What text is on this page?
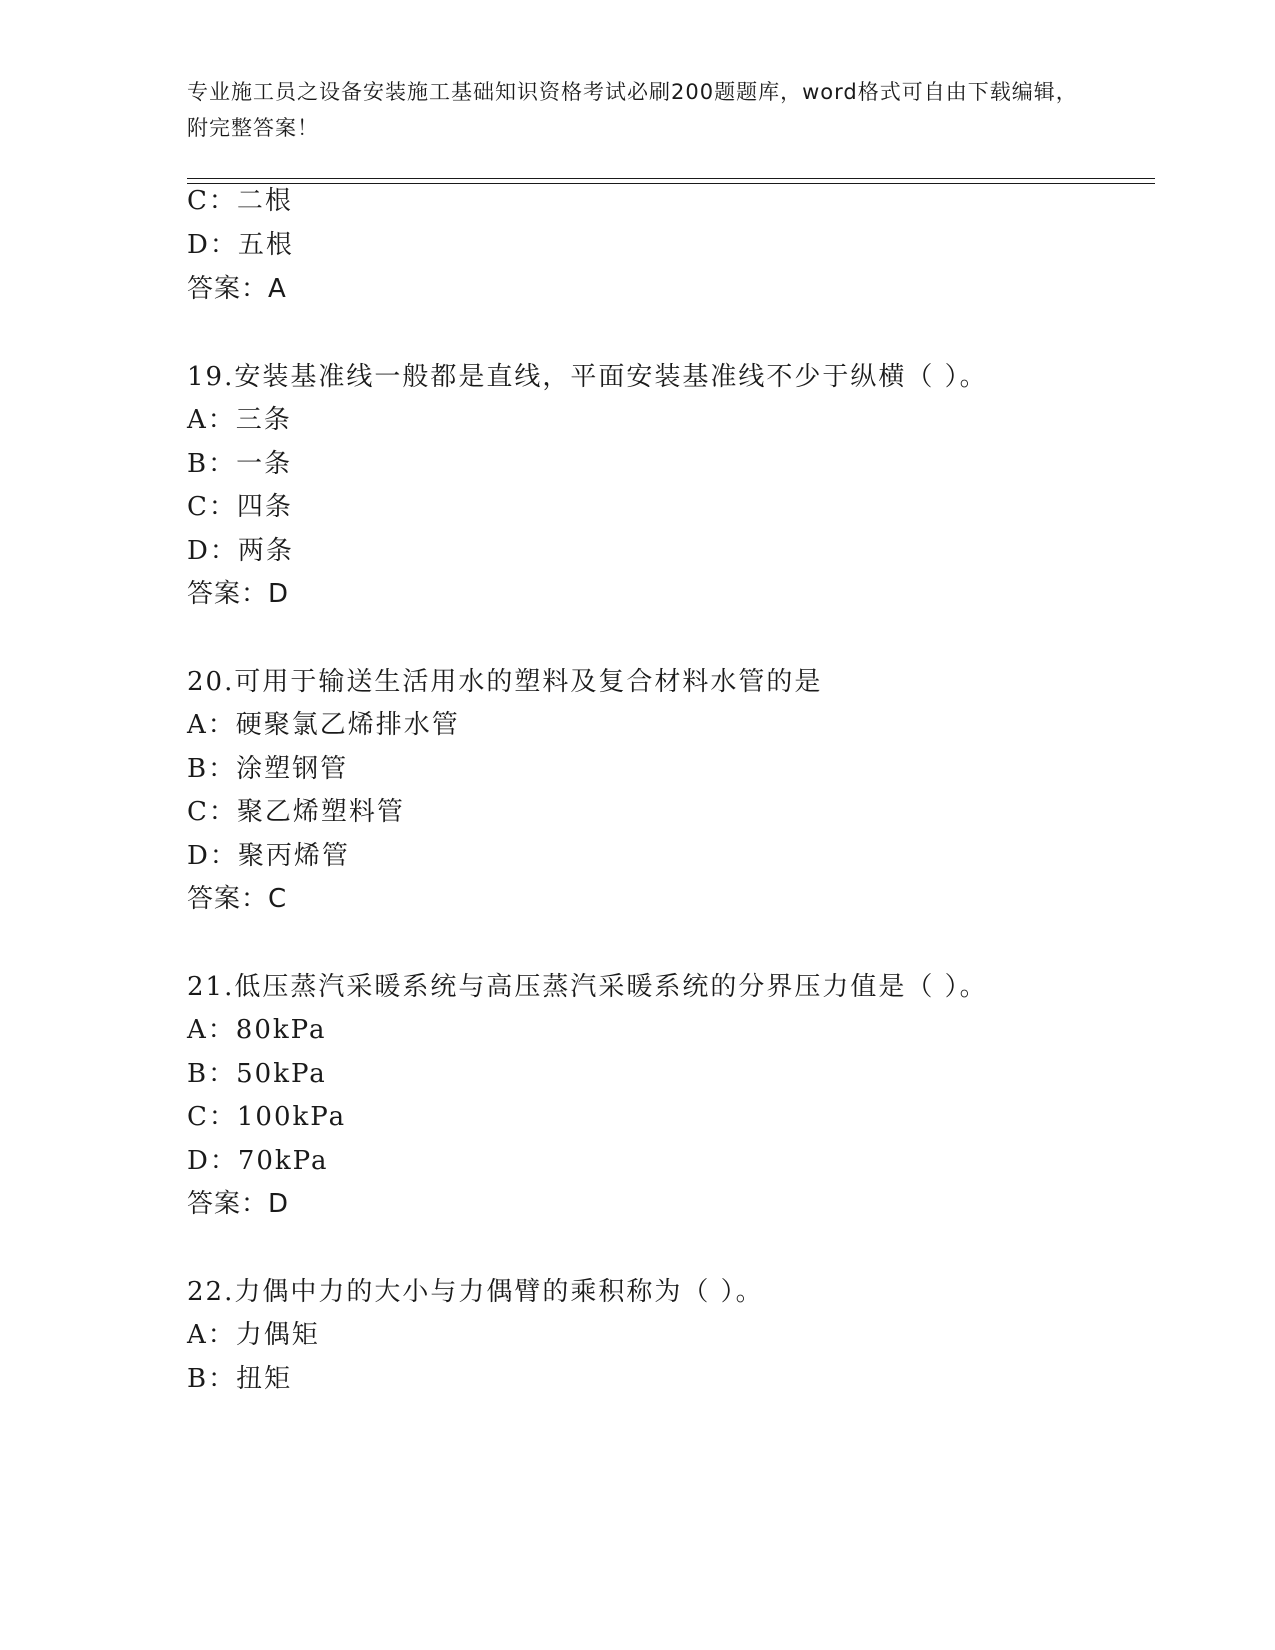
专业施工员之设备安装施工基础知识资格考试必刷200题题库，word格式可自由下载编辑，附完整答案！
C：二根
D：五根
答案：A
19.安装基准线一般都是直线，平面安装基准线不少于纵横（ ）。
A：三条
B：一条
C：四条
D：两条
答案：D
20.可用于输送生活用水的塑料及复合材料水管的是
A：硬聚氯乙烯排水管
B：涂塑钢管
C：聚乙烯塑料管
D：聚丙烯管
答案：C
21.低压蒸汽采暖系统与高压蒸汽采暖系统的分界压力值是（ ）。
A：80kPa
B：50kPa
C：100kPa
D：70kPa
答案：D
22.力偶中力的大小与力偶臂的乘积称为（ ）。
A：力偶矩
B：扭矩
